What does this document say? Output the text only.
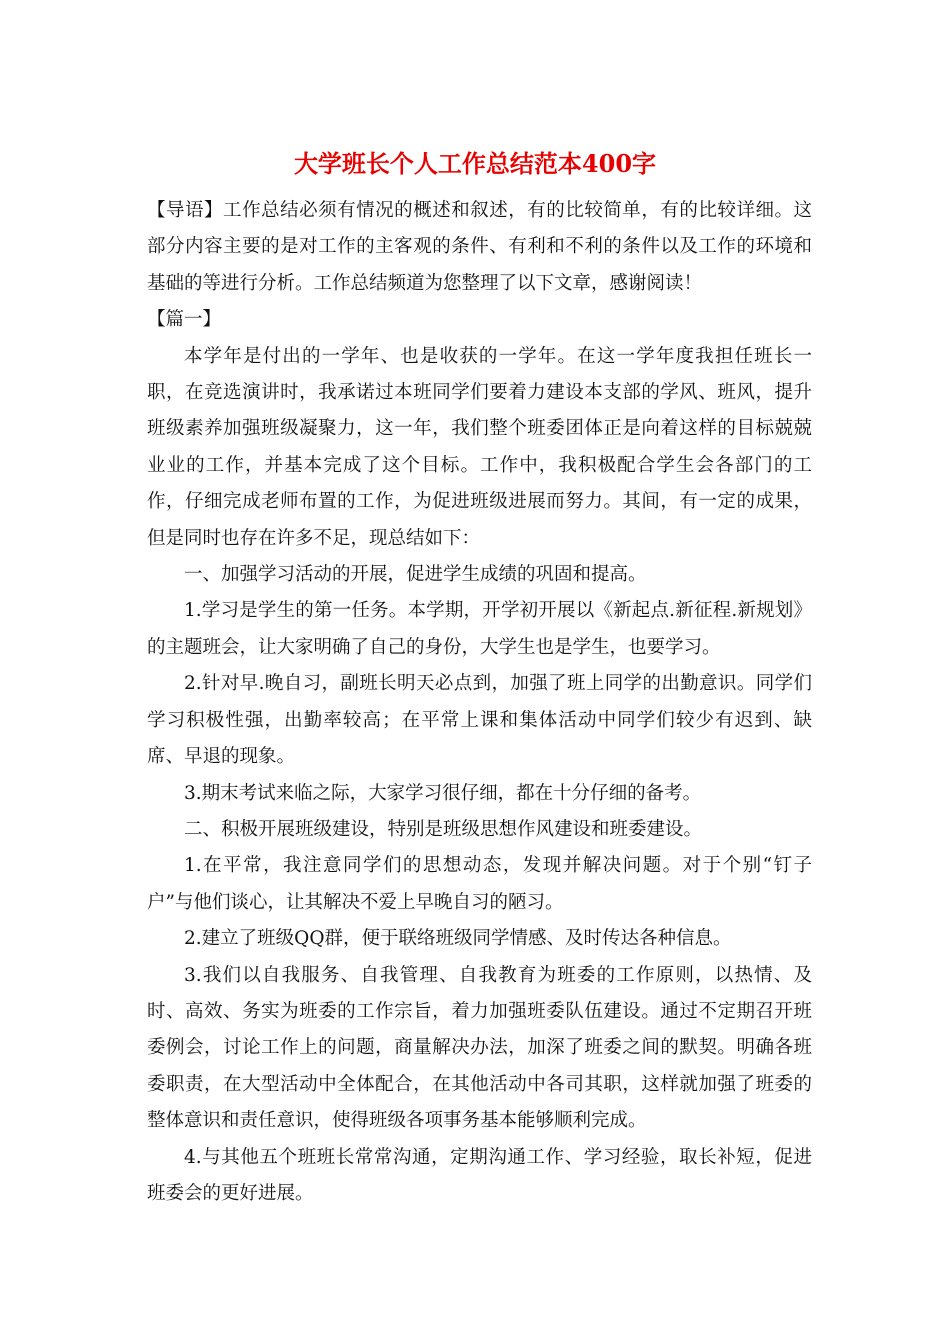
大学班长个人工作总结范本400字

【导语】工作总结必须有情况的概述和叙述，有的比较简单，有的比较详细。这部分内容主要的是对工作的主客观的条件、有利和不利的条件以及工作的环境和基础的等进行分析。工作总结频道为您整理了以下文章，感谢阅读！

【篇一】

本学年是付出的一学年、也是收获的一学年。在这一学年度我担任班长一职，在竞选演讲时，我承诺过本班同学们要着力建设本支部的学风、班风，提升班级素养加强班级凝聚力，这一年，我们整个班委团体正是向着这样的目标兢兢业业的工作，并基本完成了这个目标。工作中，我积极配合学生会各部门的工作，仔细完成老师布置的工作，为促进班级进展而努力。其间，有一定的成果，但是同时也存在许多不足，现总结如下：

一、加强学习活动的开展，促进学生成绩的巩固和提高。

1.学习是学生的第一任务。本学期，开学初开展以《新起点.新征程.新规划》的主题班会，让大家明确了自己的身份，大学生也是学生，也要学习。

2.针对早.晚自习，副班长明天必点到，加强了班上同学的出勤意识。同学们学习积极性强，出勤率较高；在平常上课和集体活动中同学们较少有迟到、缺席、早退的现象。

3.期末考试来临之际，大家学习很仔细，都在十分仔细的备考。

二、积极开展班级建设，特别是班级思想作风建设和班委建设。

1.在平常，我注意同学们的思想动态，发现并解决问题。对于个别“钉子户”与他们谈心，让其解决不爱上早晚自习的陋习。

2.建立了班级QQ群，便于联络班级同学情感、及时传达各种信息。

3.我们以自我服务、自我管理、自我教育为班委的工作原则，以热情、及时、高效、务实为班委的工作宗旨，着力加强班委队伍建设。通过不定期召开班委例会，讨论工作上的问题，商量解决办法，加深了班委之间的默契。明确各班委职责，在大型活动中全体配合，在其他活动中各司其职，这样就加强了班委的整体意识和责任意识，使得班级各项事务基本能够顺利完成。

4.与其他五个班班长常常沟通，定期沟通工作、学习经验，取长补短，促进班委会的更好进展。
